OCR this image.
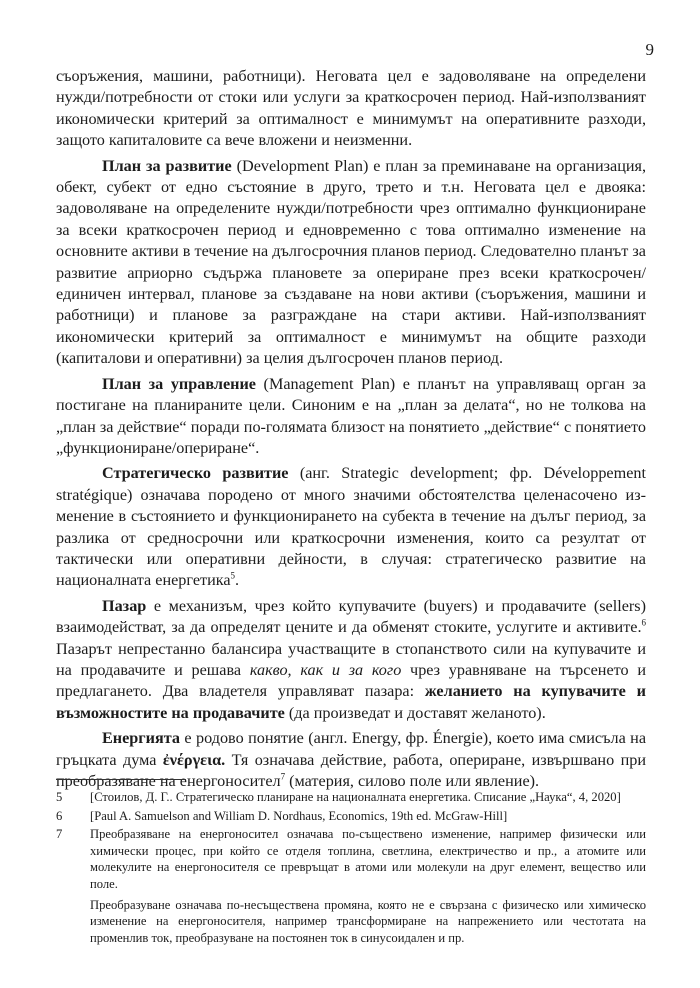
9

съоръжения, машини, работници). Неговата цел е задоволяване на определени нужди/потребности от стоки или услуги за краткосрочен период. Най-използваният икономически критерий за оптималност е минимумът на оперативните разходи, защото капиталовите са вече вложени и неизменни.

План за развитие (Development Plan) е план за преминаване на организация, обект, субект от едно състояние в друго, трето и т.н. Неговата цел е двояка: задоволяване на определените нужди/потребности чрез оптимално функциониране за всеки краткосрочен период и едновременно с това оптимално изменение на основните активи в течение на дългосрочния планов период. Следователно планът за развитие априорно съдържа плановете за опериране през всеки краткосрочен/единичен интервал, планове за създаване на нови активи (съоръжения, машини и работници) и планове за разграждане на стари активи. Най-използваният икономически критерий за оптималност е минимумът на общите разходи (капиталови и оперативни) за целия дългосрочен планов период.

План за управление (Management Plan) е планът на управляващ орган за постигане на планираните цели. Синоним е на „план за делата“, но не толкова на „план за действие“ поради по-голямата близост на понятието „действие“ с понятието „функциониране/опериране“.

Стратегическо развитие (анг. Strategic development; фр. Développement stratégique) означава породено от много значими обстоятелства целенасочено изменение в състоянието и функционирането на субекта в течение на дълъг период, за разлика от средносрочни или краткосрочни изменения, които са резултат от тактически или оперативни дейности, в случая: стратегическо развитие на националната енергетика$^5$.

Пазар е механизъм, чрез който купувачите (buyers) и продавачите (sellers) взаимодействат, за да определят цените и да обменят стоките, услугите и активите.$^6$ Пазарът непрестанно балансира участващите в стопанството сили на купувачите и на продавачите и решава какво, как и за кого чрез уравняване на търсенето и предлагането. Два владетеля управляват пазара: желанието на купувачите и възможностите на продавачите (да произведат и доставят желаното).

Енергията е родово понятие (англ. Energy, фр. Énergie), което има смисъла на гръцката дума ἐνέργεια. Тя означава действие, работа, опериране, извършвано при преобразяване на енергоносител$^7$ (материя, силово поле или явление).

5	[Стоилов, Д. Г.. Стратегическо планиране на националната енергетика. Списание „Наука“, 4, 2020]
6	[Paul A. Samuelson and William D. Nordhaus, Economics, 19th ed. McGraw-Hill]
7	Преобразяване на енергоносител означава по-съществено изменение, например физически или химически процес, при който се отделя топлина, светлина, електричество и пр., а атомите или молекулите на енергоносителя се превръщат в атоми или молекули на друг елемент, вещество или поле.
Преобразуване означава по-несъществена промяна, която не е свързана с физическо или химическо изменение на енергоносителя, например трансформиране на напрежението или честотата на променлив ток, преобразуване на постоянен ток в синусоидален и пр.
